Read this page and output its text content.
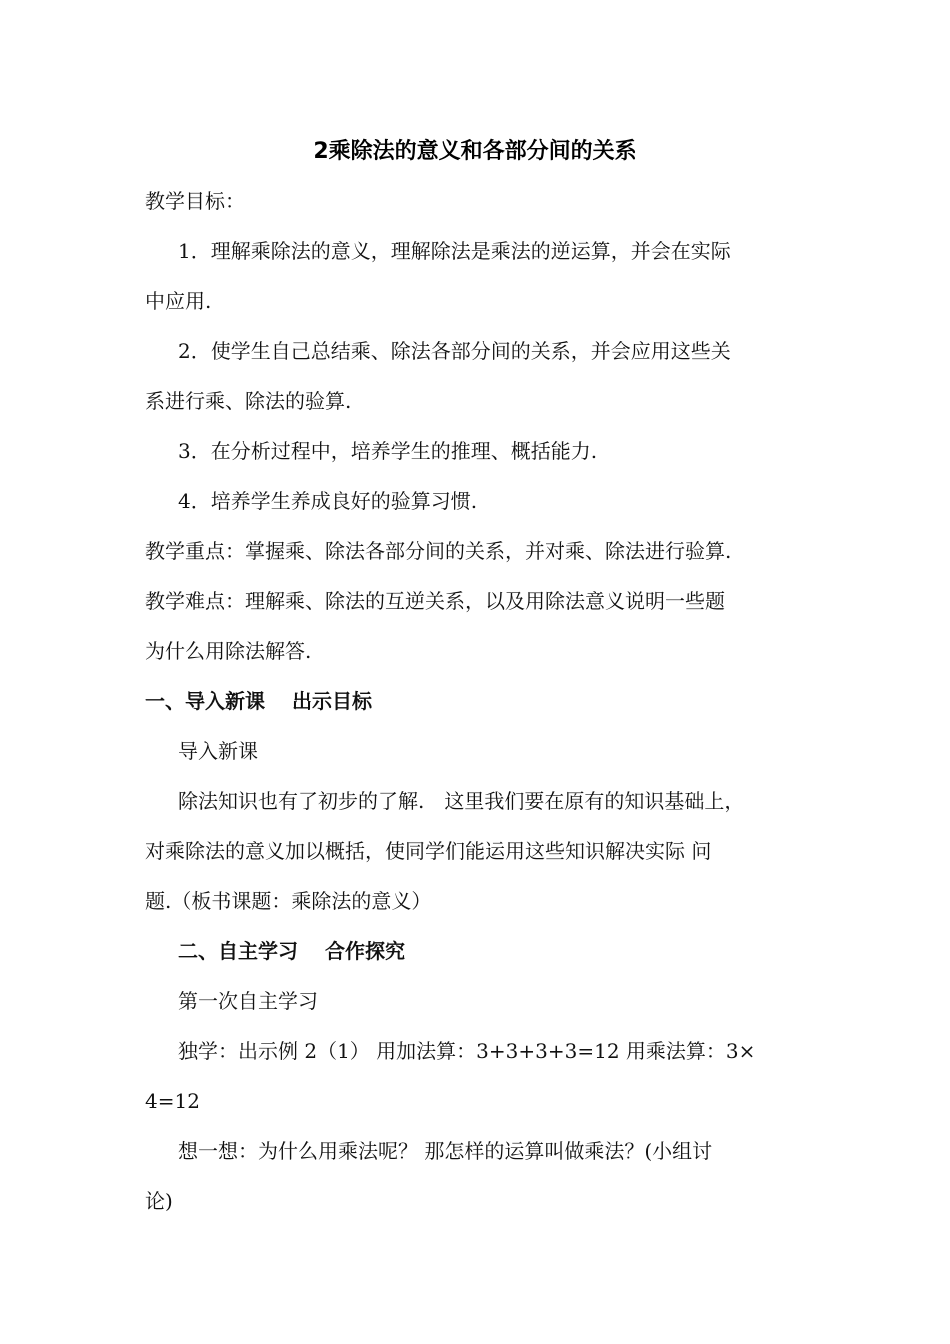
2乘除法的意义和各部分间的关系
教学目标：
1．理解乘除法的意义，理解除法是乘法的逆运算，并会在实际
中应用.
2．使学生自己总结乘、除法各部分间的关系，并会应用这些关
系进行乘、除法的验算.
3．在分析过程中，培养学生的推理、概括能力.
4．培养学生养成良好的验算习惯.
教学重点：掌握乘、除法各部分间的关系，并对乘、除法进行验算.
教学难点：理解乘、除法的互逆关系，以及用除法意义说明一些题
为什么用除法解答.
一、导入新课　 出示目标
导入新课
除法知识也有了初步的了解.　这里我们要在原有的知识基础上，
对乘除法的意义加以概括，使同学们能运用这些知识解决实际 问
题.（板书课题：乘除法的意义）
二、自主学习　 合作探究
第一次自主学习
独学：出示例 2（1） 用加法算：3+3+3+3=12 用乘法算：3×
4=12
想一想：为什么用乘法呢？ 那怎样的运算叫做乘法？(小组讨
论)
